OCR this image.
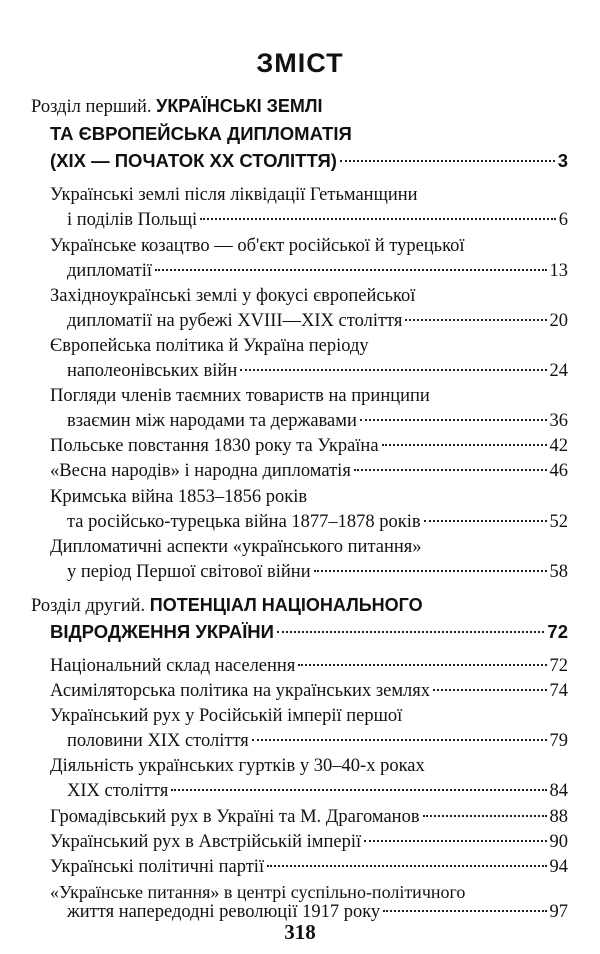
ЗМІСТ
Розділ перший. УКРАЇНСЬКІ ЗЕМЛІ
ТА ЄВРОПЕЙСЬКА ДИПЛОМАТІЯ
(XIX — ПОЧАТОК XX СТОЛІТТЯ)	3
Українські землі після ліквідації Гетьманщини
і поділів Польщі	6
Українське козацтво — об'єкт російської й турецької
дипломатії	13
Західноукраїнські землі у фокусі європейської
дипломатії на рубежі XVIII—XIX століття	20
Європейська політика й Україна періоду
наполеонівських війн	24
Погляди членів таємних товариств на принципи
взаємин між народами та державами	36
Польське повстання 1830 року та Україна	42
«Весна народів» і народна дипломатія	46
Кримська війна 1853–1856 років
та російсько-турецька війна 1877–1878 років	52
Дипломатичні аспекти «українського питання»
у період Першої світової війни	58
Розділ другий. ПОТЕНЦІАЛ НАЦІОНАЛЬНОГО
ВІДРОДЖЕННЯ УКРАЇНИ	72
Національний склад населення	72
Асиміляторська політика на українських землях	74
Український рух у Російській імперії першої
половини XIX століття	79
Діяльність українських гуртків у 30–40-х роках
XIX століття	84
Громадівський рух в Україні та М. Драгоманов	88
Український рух в Австрійській імперії	90
Українські політичні партії	94
«Українське питання» в центрі суспільно-політичного
життя напередодні революції 1917 року	97
318
